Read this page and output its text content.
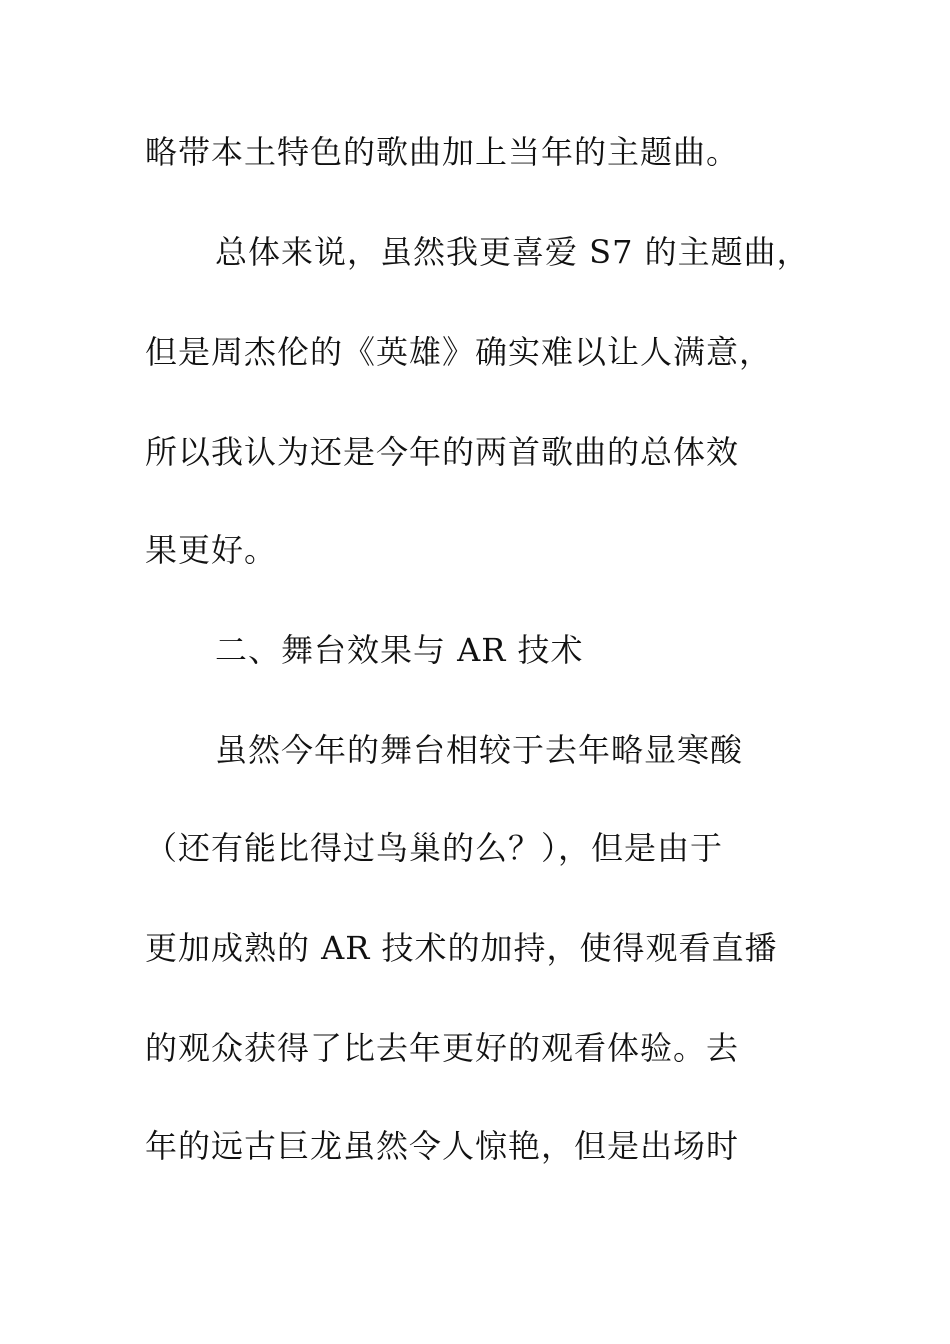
略带本土特色的歌曲加上当年的主题曲。
总体来说，虽然我更喜爱 S7 的主题曲，
但是周杰伦的《英雄》确实难以让人满意，
所以我认为还是今年的两首歌曲的总体效
果更好。
二、舞台效果与 AR 技术
虽然今年的舞台相较于去年略显寒酸
（还有能比得过鸟巢的么？），但是由于
更加成熟的 AR 技术的加持，使得观看直播
的观众获得了比去年更好的观看体验。去
年的远古巨龙虽然令人惊艳，但是出场时
